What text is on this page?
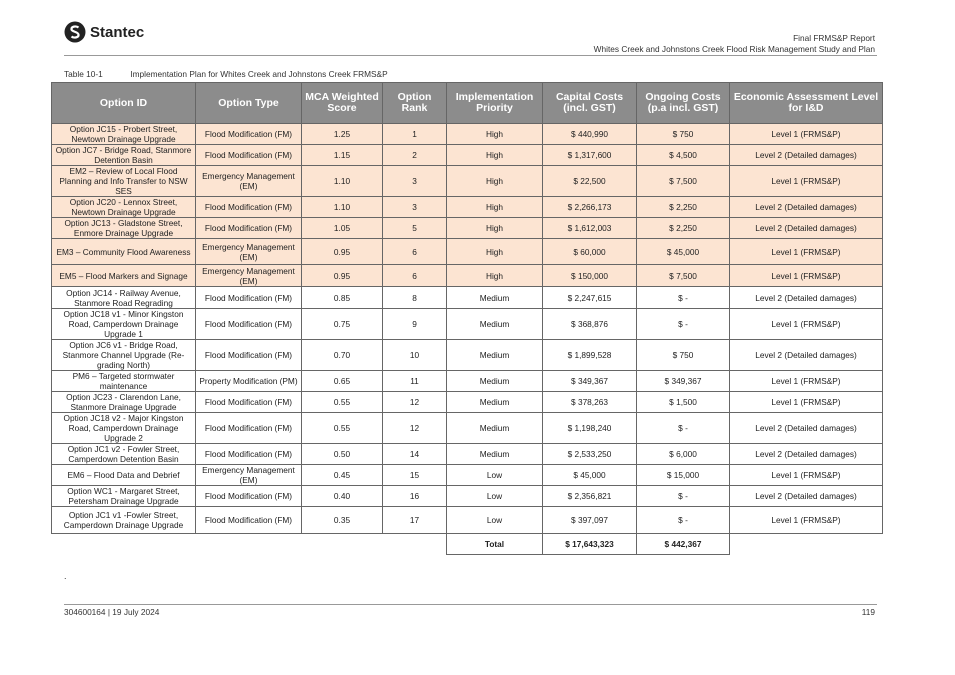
Stantec	Final FRMS&P Report
Whites Creek and Johnstons Creek Flood Risk Management Study and Plan
Table 10-1	Implementation Plan for Whites Creek and Johnstons Creek FRMS&P
Option ID	Option Type	MCA Weighted Score	Option Rank	Implementation Priority	Capital Costs (incl. GST)	Ongoing Costs (p.a incl. GST)	Economic Assessment Level for I&D
Option JC15 - Probert Street, Newtown Drainage Upgrade	Flood Modification (FM)	1.25	1	High	$ 440,990	$ 750	Level 1 (FRMS&P)
Option JC7 - Bridge Road, Stanmore Detention Basin	Flood Modification (FM)	1.15	2	High	$ 1,317,600	$ 4,500	Level 2 (Detailed damages)
EM2 – Review of Local Flood Planning and Info Transfer to NSW SES	Emergency Management (EM)	1.10	3	High	$ 22,500	$ 7,500	Level 1 (FRMS&P)
Option JC20 - Lennox Street, Newtown Drainage Upgrade	Flood Modification (FM)	1.10	3	High	$ 2,266,173	$ 2,250	Level 2 (Detailed damages)
Option JC13 - Gladstone Street, Enmore Drainage Upgrade	Flood Modification (FM)	1.05	5	High	$ 1,612,003	$ 2,250	Level 2 (Detailed damages)
EM3 – Community Flood Awareness	Emergency Management (EM)	0.95	6	High	$ 60,000	$ 45,000	Level 1 (FRMS&P)
EM5 – Flood Markers and Signage	Emergency Management (EM)	0.95	6	High	$ 150,000	$ 7,500	Level 1 (FRMS&P)
Option JC14 - Railway Avenue, Stanmore Road Regrading	Flood Modification (FM)	0.85	8	Medium	$ 2,247,615	$ -	Level 2 (Detailed damages)
Option JC18 v1 - Minor Kingston Road, Camperdown Drainage Upgrade 1	Flood Modification (FM)	0.75	9	Medium	$ 368,876	$ -	Level 1 (FRMS&P)
Option JC6 v1 - Bridge Road, Stanmore Channel Upgrade (Re-grading North)	Flood Modification (FM)	0.70	10	Medium	$ 1,899,528	$ 750	Level 2 (Detailed damages)
PM6 – Targeted stormwater maintenance	Property Modification (PM)	0.65	11	Medium	$ 349,367	$ 349,367	Level 1 (FRMS&P)
Option JC23 - Clarendon Lane, Stanmore Drainage Upgrade	Flood Modification (FM)	0.55	12	Medium	$ 378,263	$ 1,500	Level 1 (FRMS&P)
Option JC18 v2 - Major Kingston Road, Camperdown Drainage Upgrade 2	Flood Modification (FM)	0.55	12	Medium	$ 1,198,240	$ -	Level 2 (Detailed damages)
Option JC1 v2 - Fowler Street, Camperdown Detention Basin	Flood Modification (FM)	0.50	14	Medium	$ 2,533,250	$ 6,000	Level 2 (Detailed damages)
EM6 – Flood Data and Debrief	Emergency Management (EM)	0.45	15	Low	$ 45,000	$ 15,000	Level 1 (FRMS&P)
Option WC1 - Margaret Street, Petersham Drainage Upgrade	Flood Modification (FM)	0.40	16	Low	$ 2,356,821	$ -	Level 2 (Detailed damages)
Option JC1 v1 -Fowler Street, Camperdown Drainage Upgrade	Flood Modification (FM)	0.35	17	Low	$ 397,097	$ -	Level 1 (FRMS&P)
				Total	$ 17,643,323	$ 442,367	
.
304600164 | 19 July 2024	119
